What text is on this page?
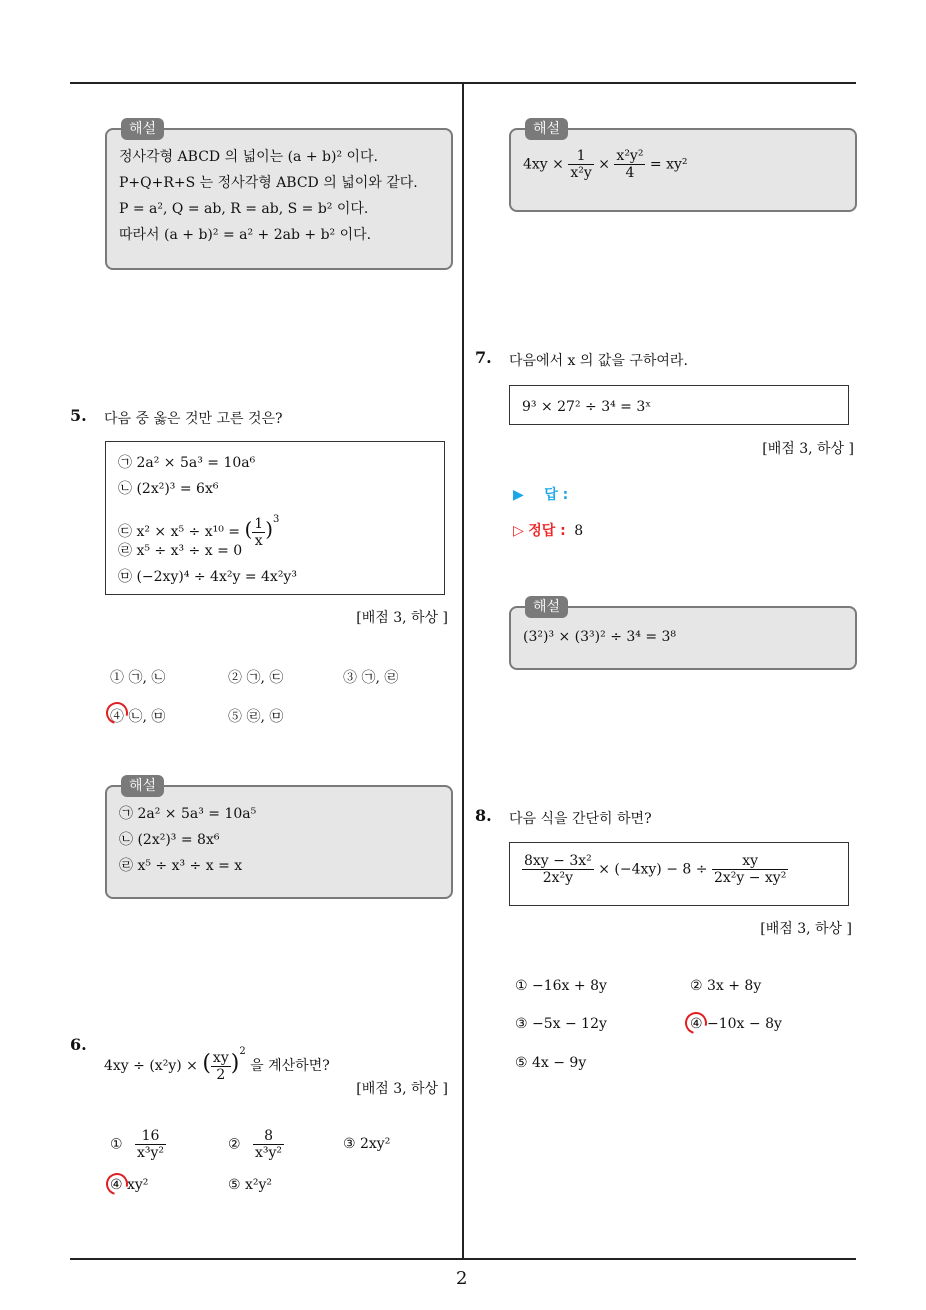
2
해설
정사각형 ABCD 의 넓이는 (a + b)² 이다.
P+Q+R+S 는 정사각형 ABCD 의 넓이와 같다.
P = a², Q = ab, R = ab, S = b² 이다.
따라서 (a + b)² = a² + 2ab + b² 이다.
5. 다음 중 옳은 것만 고른 것은?
㉠ 2a² × 5a³ = 10a⁶
㉡ (2x²)³ = 6x⁶
㉢ x² × x⁵ ÷ x¹⁰ = ( $\frac{1}{x} )^3$
㉣ x⁵ ÷ x³ ÷ x = 0
㉤ (−2xy)⁴ ÷ 4x²y = 4x²y³
[배점 3, 하상 ]
① ㉠, ㉡	② ㉠, ㉢	③ ㉠, ㉣
④ ㉡, ㉤	⑤ ㉣, ㉤
해설
㉠ 2a² × 5a³ = 10a⁵
㉡ (2x²)³ = 8x⁶
㉣ x⁵ ÷ x³ ÷ x = x
6.
4xy ÷ (x²y) × ( $\frac{xy}{2} )^2$ 을 계산하면?
[배점 3, 하상 ]
① $\frac{16}{\text{x³y²}}$	② $\frac{8}{\text{x³y²}}$	③ 2xy²
④ xy²	⑤ x²y²
해설
$4xy \times \frac{1}{\text{x²y}} \times \frac{\text{x²y²}}{4} = xy^2$
7. 다음에서 x 의 값을 구하여라.
9³ × 27² ÷ 3⁴ = 3ˣ
[배점 3, 하상 ]
▶ 답 :
▷ 정답 : 8
해설
(3²)³ × (3³)² ÷ 3⁴ = 3⁸
8. 다음 식을 간단히 하면?
$\frac{\text{8xy − 3x²}}{\text{2x²y}} \times (-4xy) - 8 \div \frac{xy}{\text{2x²y − xy²}}$
[배점 3, 하상 ]
① −16x + 8y	② 3x + 8y
③ −5x − 12y	④ −10x − 8y
⑤ 4x − 9y
